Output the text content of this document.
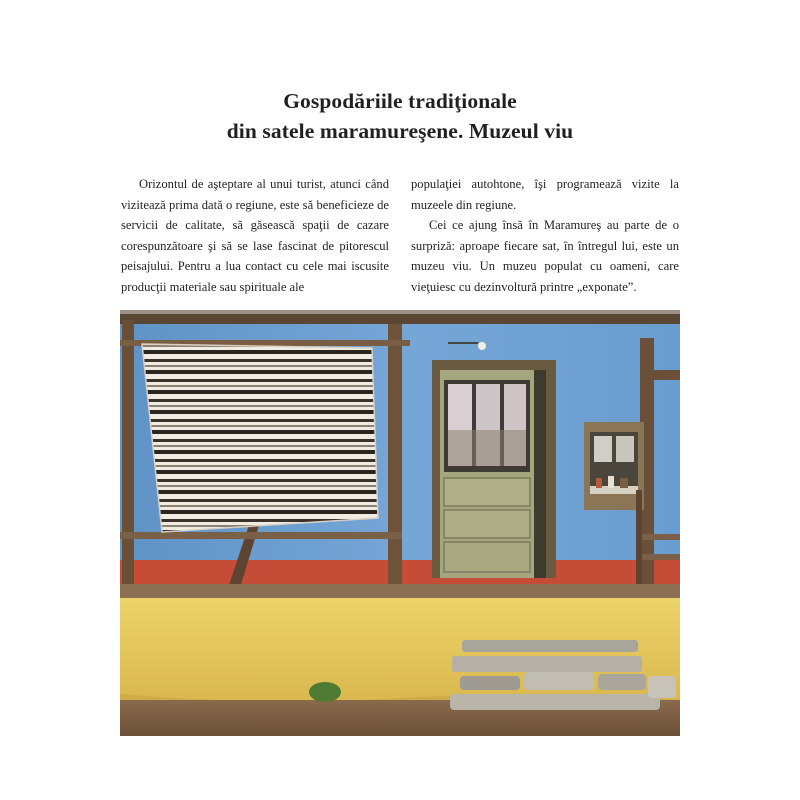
Gospodăriile tradiţionale
din satele maramureşene. Muzeul viu

Orizontul de aşteptare al unui turist, atunci când vizitează prima dată o regiune, este să beneficieze de servicii de calitate, să găsească spaţii de cazare corespunzătoare şi să se lase fascinat de pitorescul peisajului. Pentru a lua contact cu cele mai iscusite producţii materiale sau spirituale ale

populaţiei autohtone, îşi programează vizite la muzeele din regiune.

Cei ce ajung însă în Maramureş au parte de o surpriză: aproape fiecare sat, în întregul lui, este un muzeu viu. Un muzeu populat cu oameni, care vieţuiesc cu dezinvoltură printre „exponate”.
